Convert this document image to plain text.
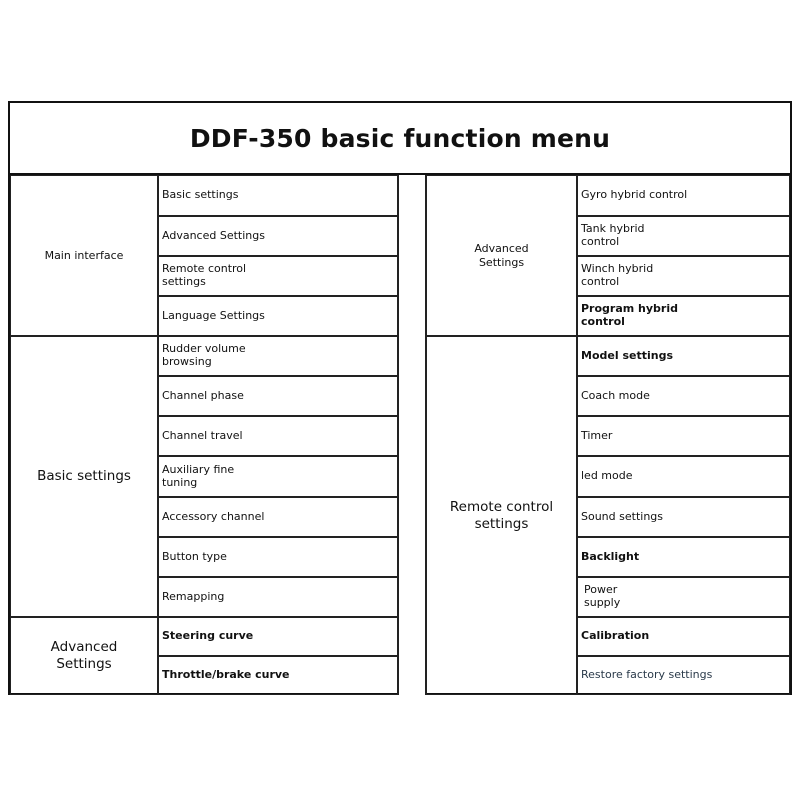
DDF-350 basic function menu
Main interface
Basic settings
Advanced
Settings
Basic settings
Advanced Settings
Remote control
settings
Language Settings
Rudder volume
browsing
Channel phase
Channel travel
Auxiliary fine
tuning
Accessory channel
Button type
Remapping
Steering curve
Throttle/brake curve
Advanced
Settings
Remote control
settings
Gyro hybrid control
Tank hybrid
control
Winch hybrid
control
Program hybrid
control
Model settings
Coach mode
Timer
led mode
Sound settings
Backlight
Power
supply
Calibration
Restore factory settings
